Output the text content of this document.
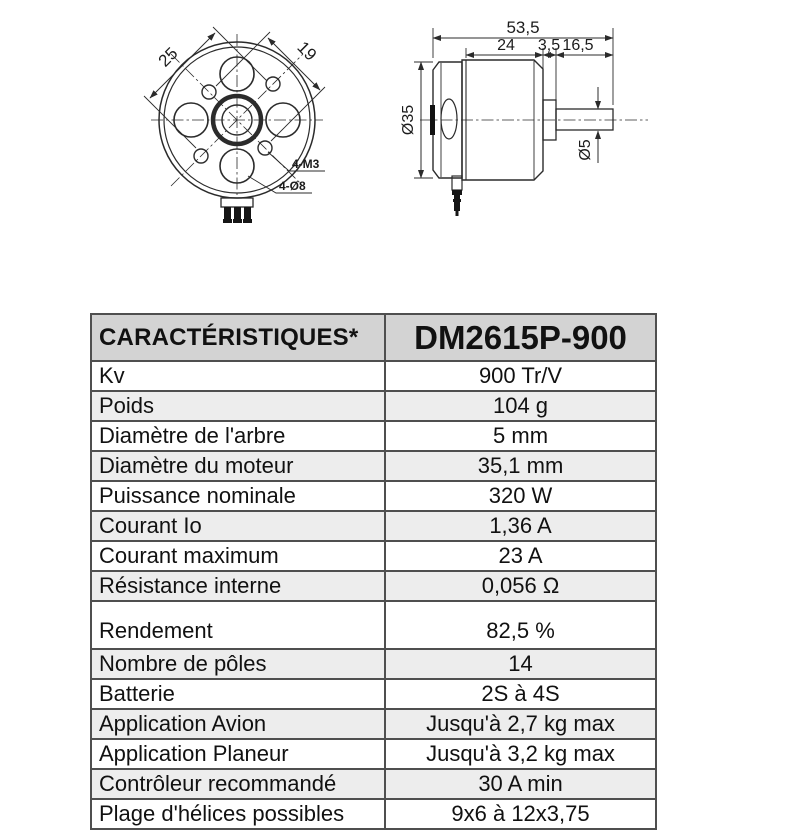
25	19
4-M3
4-Ø8
53,5
24 3,5 16,5
Ø35
Ø5
CARACTÉRISTIQUES*	DM2615P-900
Kv	900 Tr/V
Poids	104 g
Diamètre de l'arbre	5 mm
Diamètre du moteur	35,1 mm
Puissance nominale	320 W
Courant Io	1,36 A
Courant maximum	23 A
Résistance interne	0,056 Ω
Rendement	82,5 %
Nombre de pôles	14
Batterie	2S à 4S
Application Avion	Jusqu'à 2,7 kg max
Application Planeur	Jusqu'à 3,2 kg max
Contrôleur recommandé	30 A min
Plage d'hélices possibles	9x6 à 12x3,75
